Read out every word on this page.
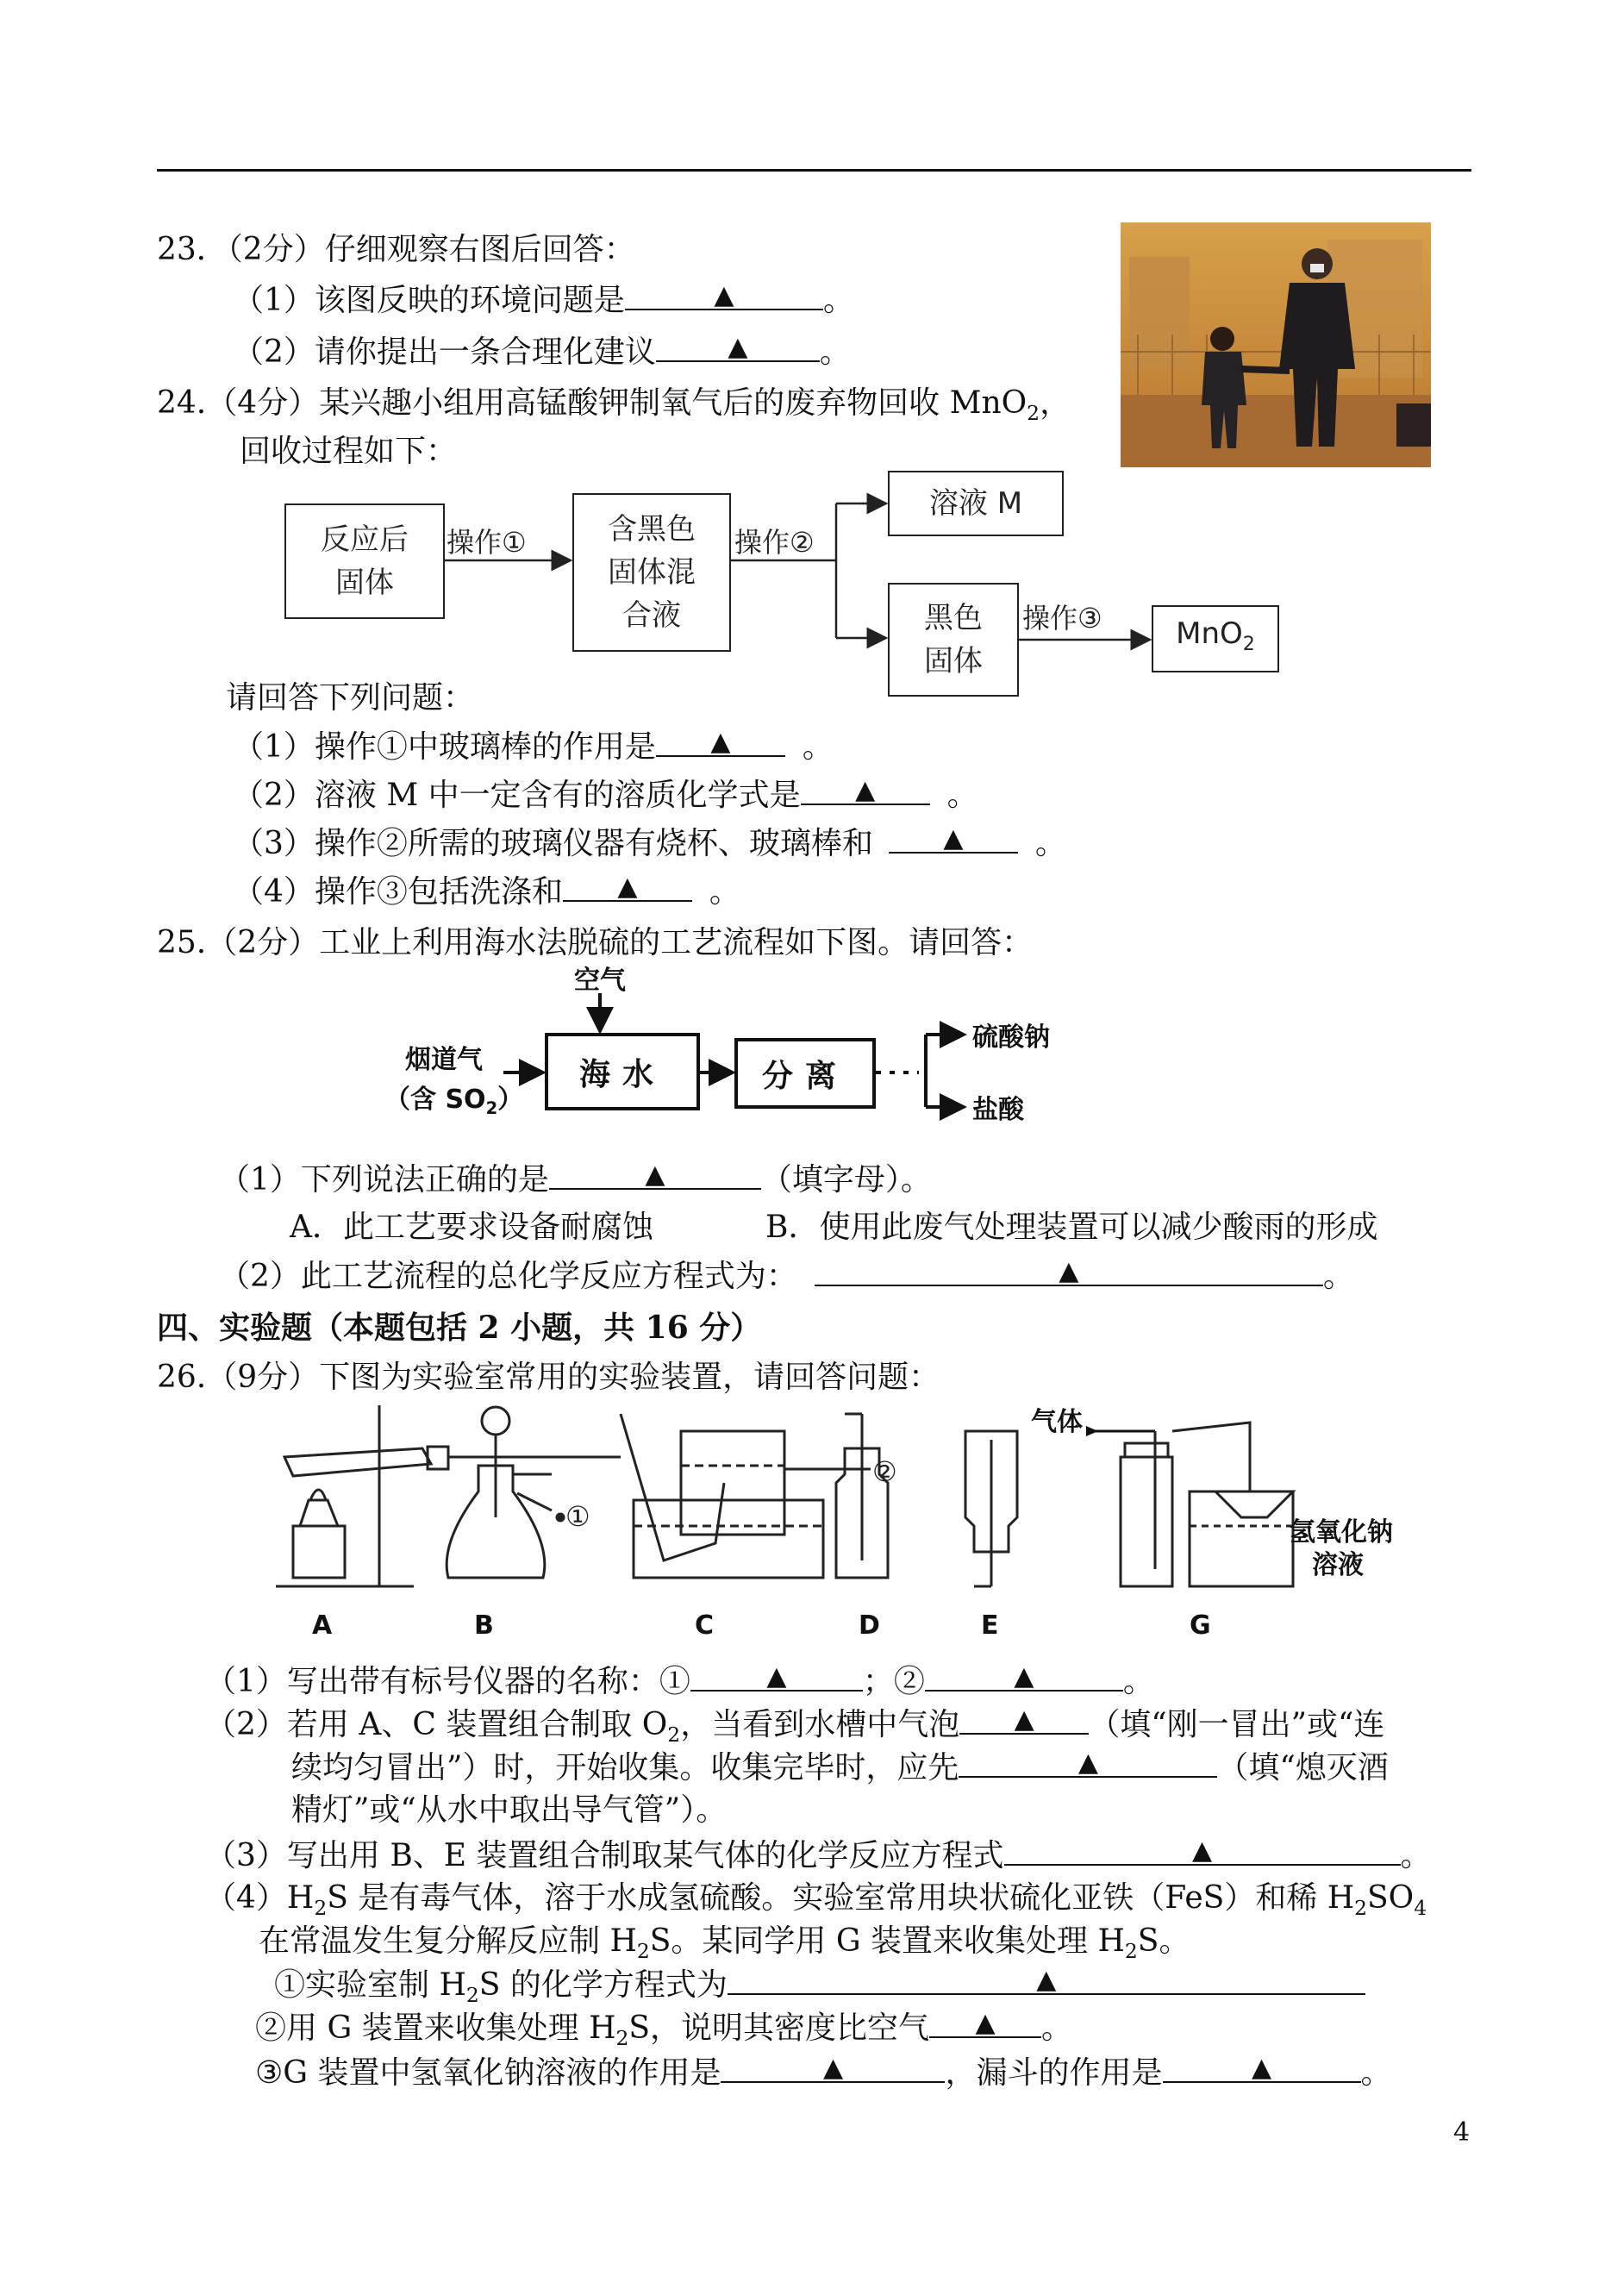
23．（2分）仔细观察右图后回答：
（1）该图反映的环境问题是	▲	。
（2）请你提出一条合理化建议	▲ 。
24.（4分）某兴趣小组用高锰酸钾制氧气后的废弃物回收 MnO$_2$，
回收过程如下：
反应后固体
含黑色固体混合液
溶液 M
黑色固体
MnO$_2$
操作①	操作②
操作③
请回答下列问题：
（1）操作①中玻璃棒的作用是 ▲ 。
（2）溶液 M 中一定含有的溶质化学式是 ▲ 。
（3）操作②所需的玻璃仪器有烧杯、玻璃棒和	▲ 。
（4）操作③包括洗涤和 ▲ 。
25.（2分）工业上利用海水法脱硫的工艺流程如下图。请回答：
空气
烟道气
（含 $SO_2$）
海水	分离
硫酸钠
盐酸
（1）下列说法正确的是	▲	（填字母）。
A．此工艺要求设备耐腐蚀	B．使用此废气处理装置可以减少酸雨的形成
（2）此工艺流程的总化学反应方程式为：	▲	。
四、实验题（本题包括 2 小题，共 16 分）
26.（9分）下图为实验室常用的实验装置，请回答问题：
①
②
气体
氢氧化钠
溶液
A	B	C	D	E	G
（1）写出带有标号仪器的名称：①	▲ ；②	▲	。
（2）若用 A、C 装置组合制取 $O_2$，当看到水槽中气泡 ▲ （填“刚一冒出”或“连
续均匀冒出”）时，开始收集。收集完毕时，应先	▲	（填“熄灭酒
精灯”或“从水中取出导气管”）。
（3）写出用 B、E 装置组合制取某气体的化学反应方程式	▲	。
$(4)H_2S$ 是有毒气体，溶于水成氢硫酸。实验室常用块状硫化亚铁（FeS）和稀 $H_2SO_4$
在常温发生复分解反应制 $H_2S$。某同学用 G 装置来收集处理 $H_2S$。
①实验室制 $H_2S$ 的化学方程式为	▲
②用 G 装置来收集处理 $H_2S$，说明其密度比空气 ▲ 。
③G 装置中氢氧化钠溶液的作用是	▲	，漏斗的作用是	▲	。
4
